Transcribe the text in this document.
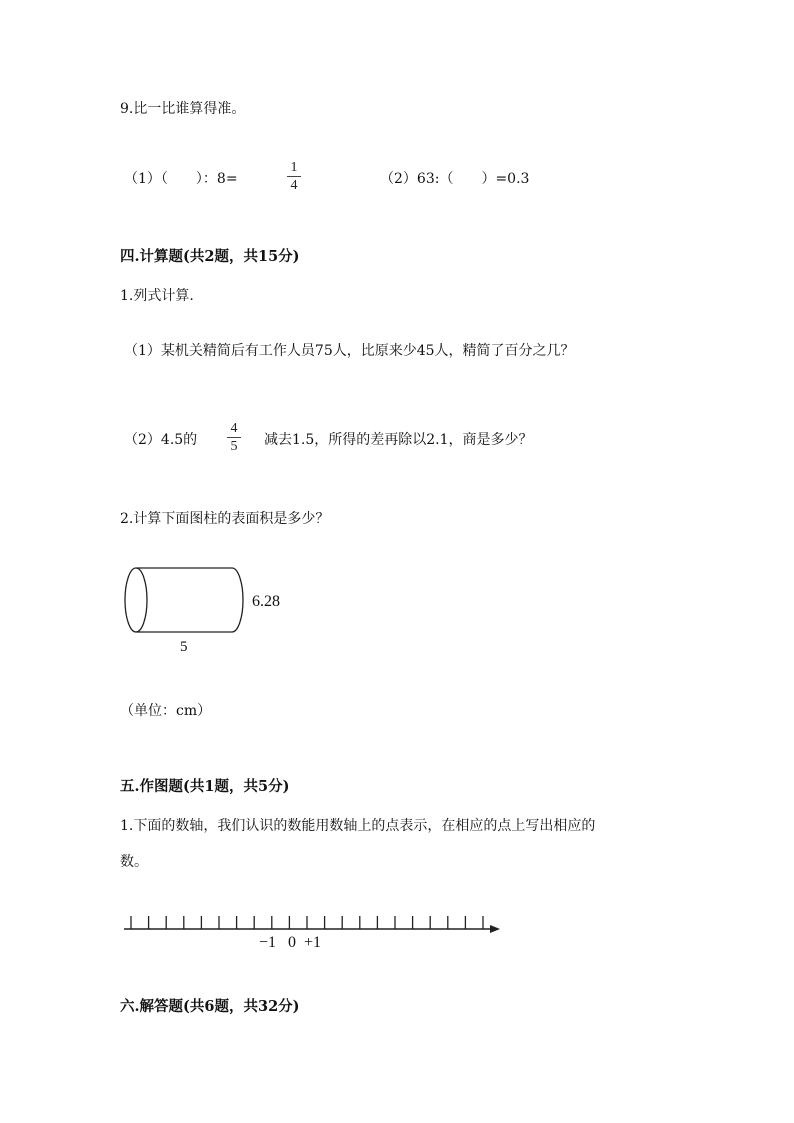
9.比一比谁算得准。
（1）（　　）：8=
1
4	（2）63:（　　）=0.3
四.计算题(共2题，共15分)
1.列式计算.
（1）某机关精简后有工作人员75人，比原来少45人，精简了百分之几？
（2）4.5的
4
5 减去1.5，所得的差再除以2.1，商是多少？
2.计算下面图柱的表面积是多少？
6.28
5
（单位：cm）
五.作图题(共1题，共5分)
1.下面的数轴，我们认识的数能用数轴上的点表示，在相应的点上写出相应的
数。
−1 0 +1
六.解答题(共6题，共32分)
